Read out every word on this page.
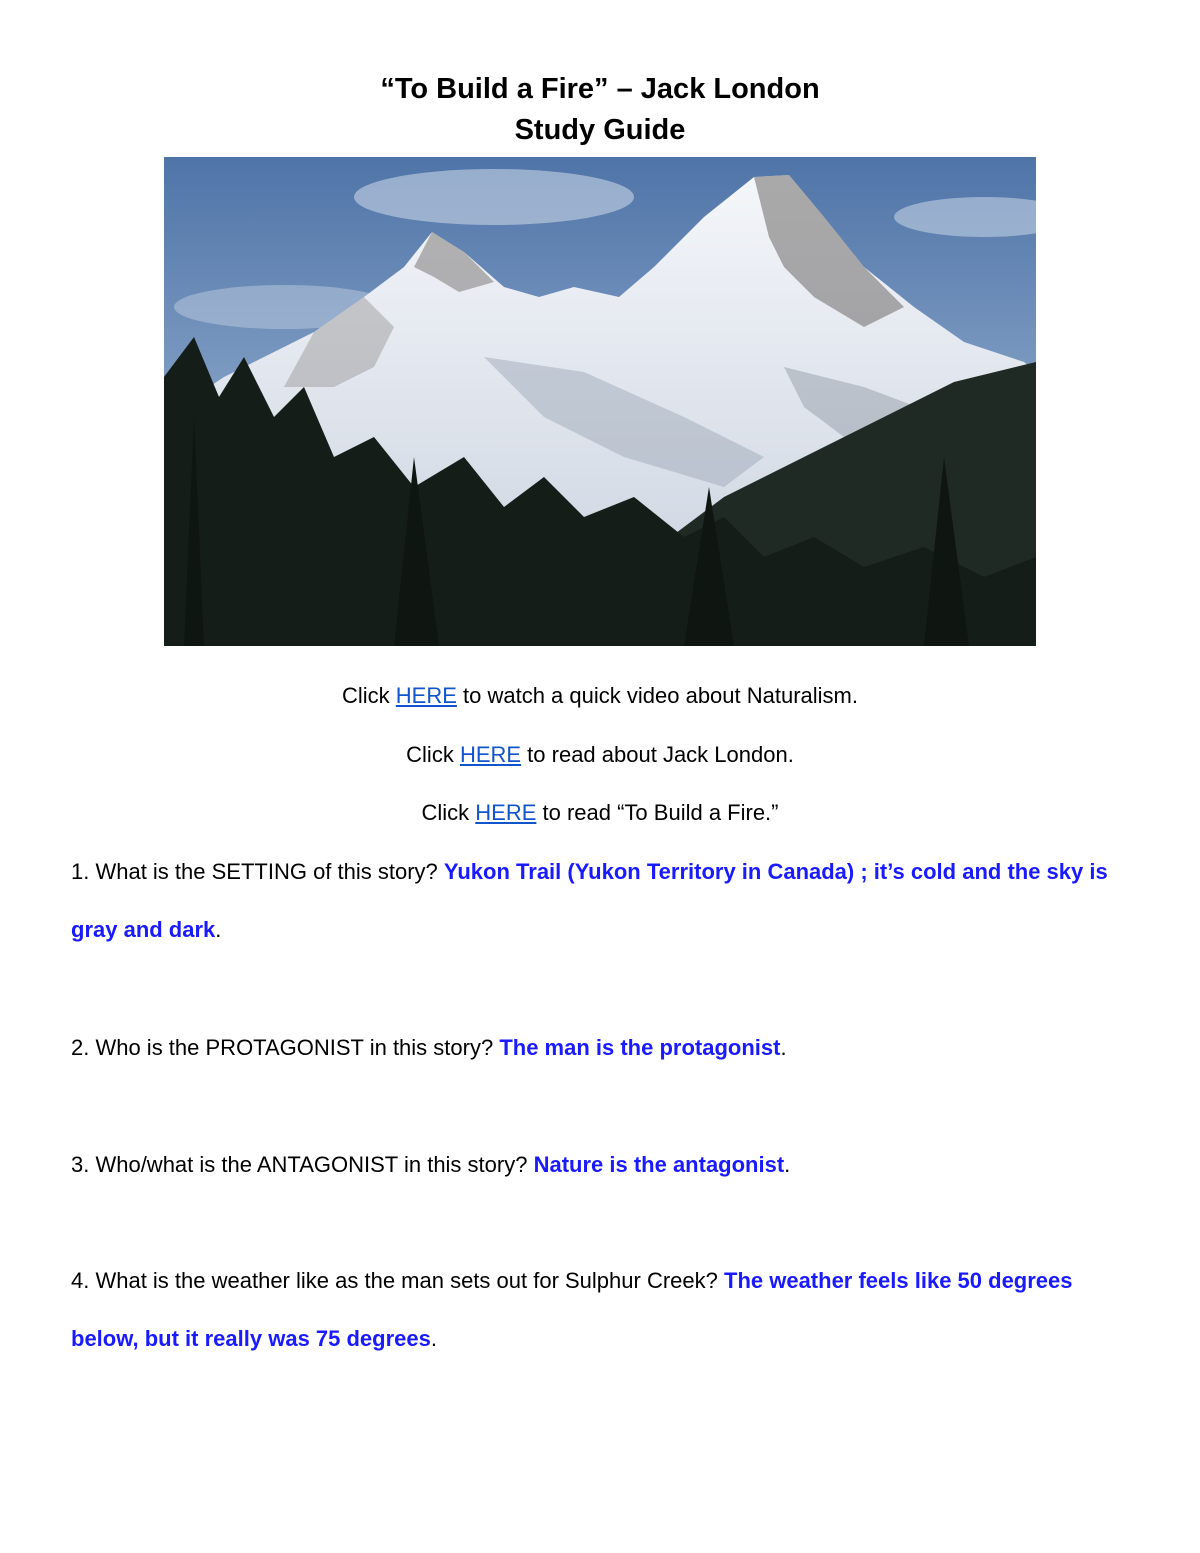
“To Build a Fire” – Jack London
Study Guide
Click HERE to watch a quick video about Naturalism.
Click HERE to read about Jack London.
Click HERE to read “To Build a Fire.”

1. What is the SETTING of this story? Yukon Trail (Yukon Territory in Canada) ; it’s cold and the sky is gray and dark.

2. Who is the PROTAGONIST in this story? The man is the protagonist.

3. Who/what is the ANTAGONIST in this story? Nature is the antagonist.

4. What is the weather like as the man sets out for Sulphur Creek? The weather feels like 50 degrees below, but it really was 75 degrees.
